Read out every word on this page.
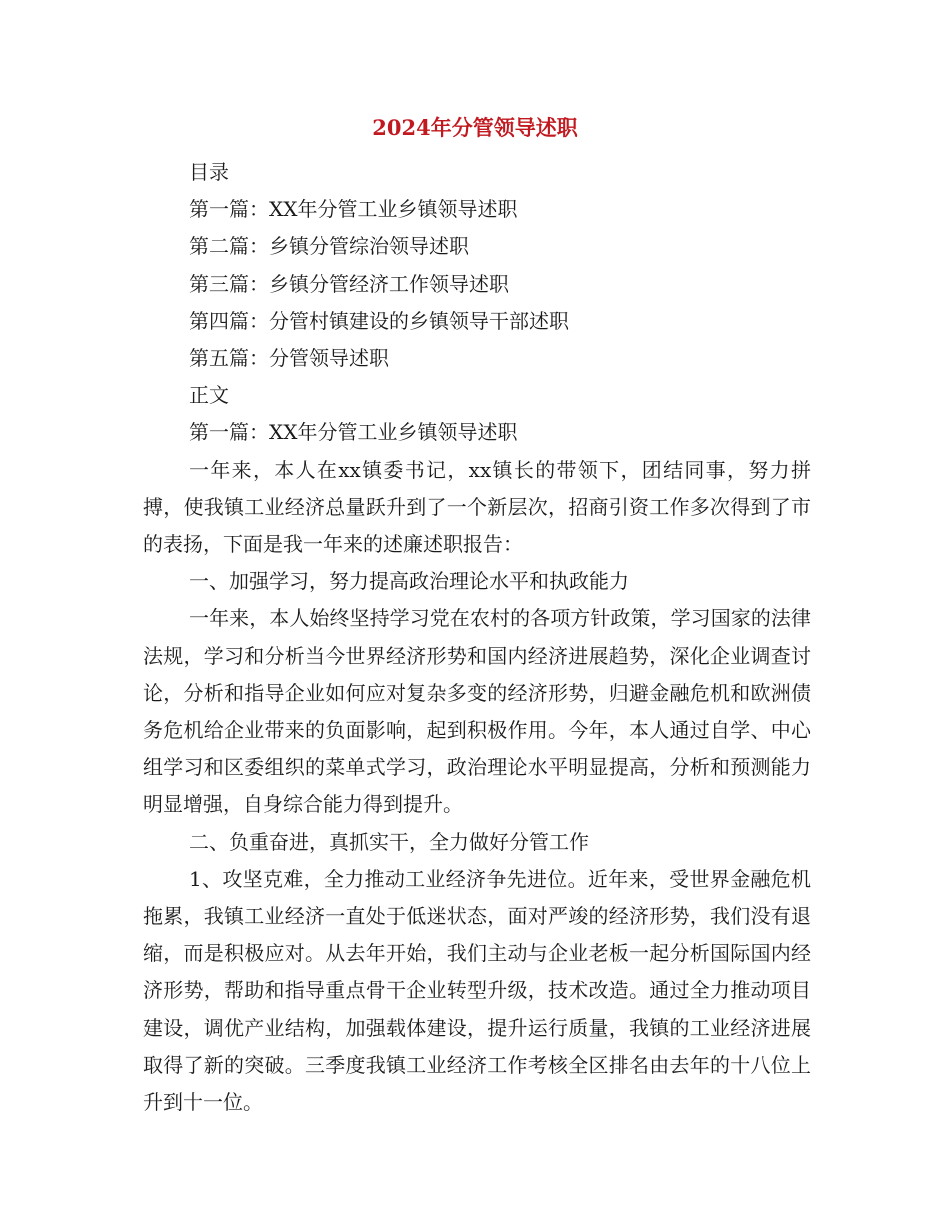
2024年分管领导述职

目录

第一篇：XX年分管工业乡镇领导述职

第二篇：乡镇分管综治领导述职

第三篇：乡镇分管经济工作领导述职

第四篇：分管村镇建设的乡镇领导干部述职

第五篇：分管领导述职

正文

第一篇：XX年分管工业乡镇领导述职

一年来，本人在xx镇委书记，xx镇长的带领下，团结同事，努力拼搏，使我镇工业经济总量跃升到了一个新层次，招商引资工作多次得到了市的表扬，下面是我一年来的述廉述职报告：

一、加强学习，努力提高政治理论水平和执政能力

一年来，本人始终坚持学习党在农村的各项方针政策，学习国家的法律法规，学习和分析当今世界经济形势和国内经济进展趋势，深化企业调查讨论，分析和指导企业如何应对复杂多变的经济形势，归避金融危机和欧洲债务危机给企业带来的负面影响，起到积极作用。今年，本人通过自学、中心组学习和区委组织的菜单式学习，政治理论水平明显提高，分析和预测能力明显增强，自身综合能力得到提升。

二、负重奋进，真抓实干，全力做好分管工作

1、攻坚克难，全力推动工业经济争先进位。近年来，受世界金融危机拖累，我镇工业经济一直处于低迷状态，面对严竣的经济形势，我们没有退缩，而是积极应对。从去年开始，我们主动与企业老板一起分析国际国内经济形势，帮助和指导重点骨干企业转型升级，技术改造。通过全力推动项目建设，调优产业结构，加强载体建设，提升运行质量，我镇的工业经济进展取得了新的突破。三季度我镇工业经济工作考核全区排名由去年的十八位上升到十一位。
